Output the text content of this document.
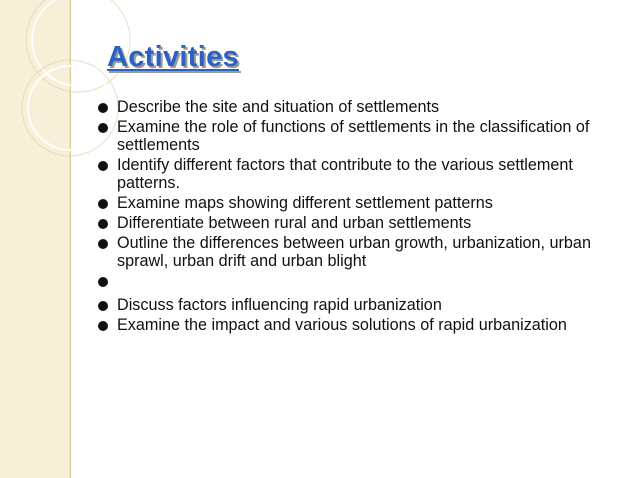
Activities
Describe the site and situation of settlements
Examine the role of functions of settlements in the classification of settlements
Identify different factors that contribute to the various settlement patterns.
Examine maps showing different settlement patterns
Differentiate between rural and urban settlements
Outline the differences between urban growth, urbanization, urban sprawl, urban drift and urban blight
Discuss factors influencing rapid urbanization
Examine the impact and various solutions of rapid urbanization
